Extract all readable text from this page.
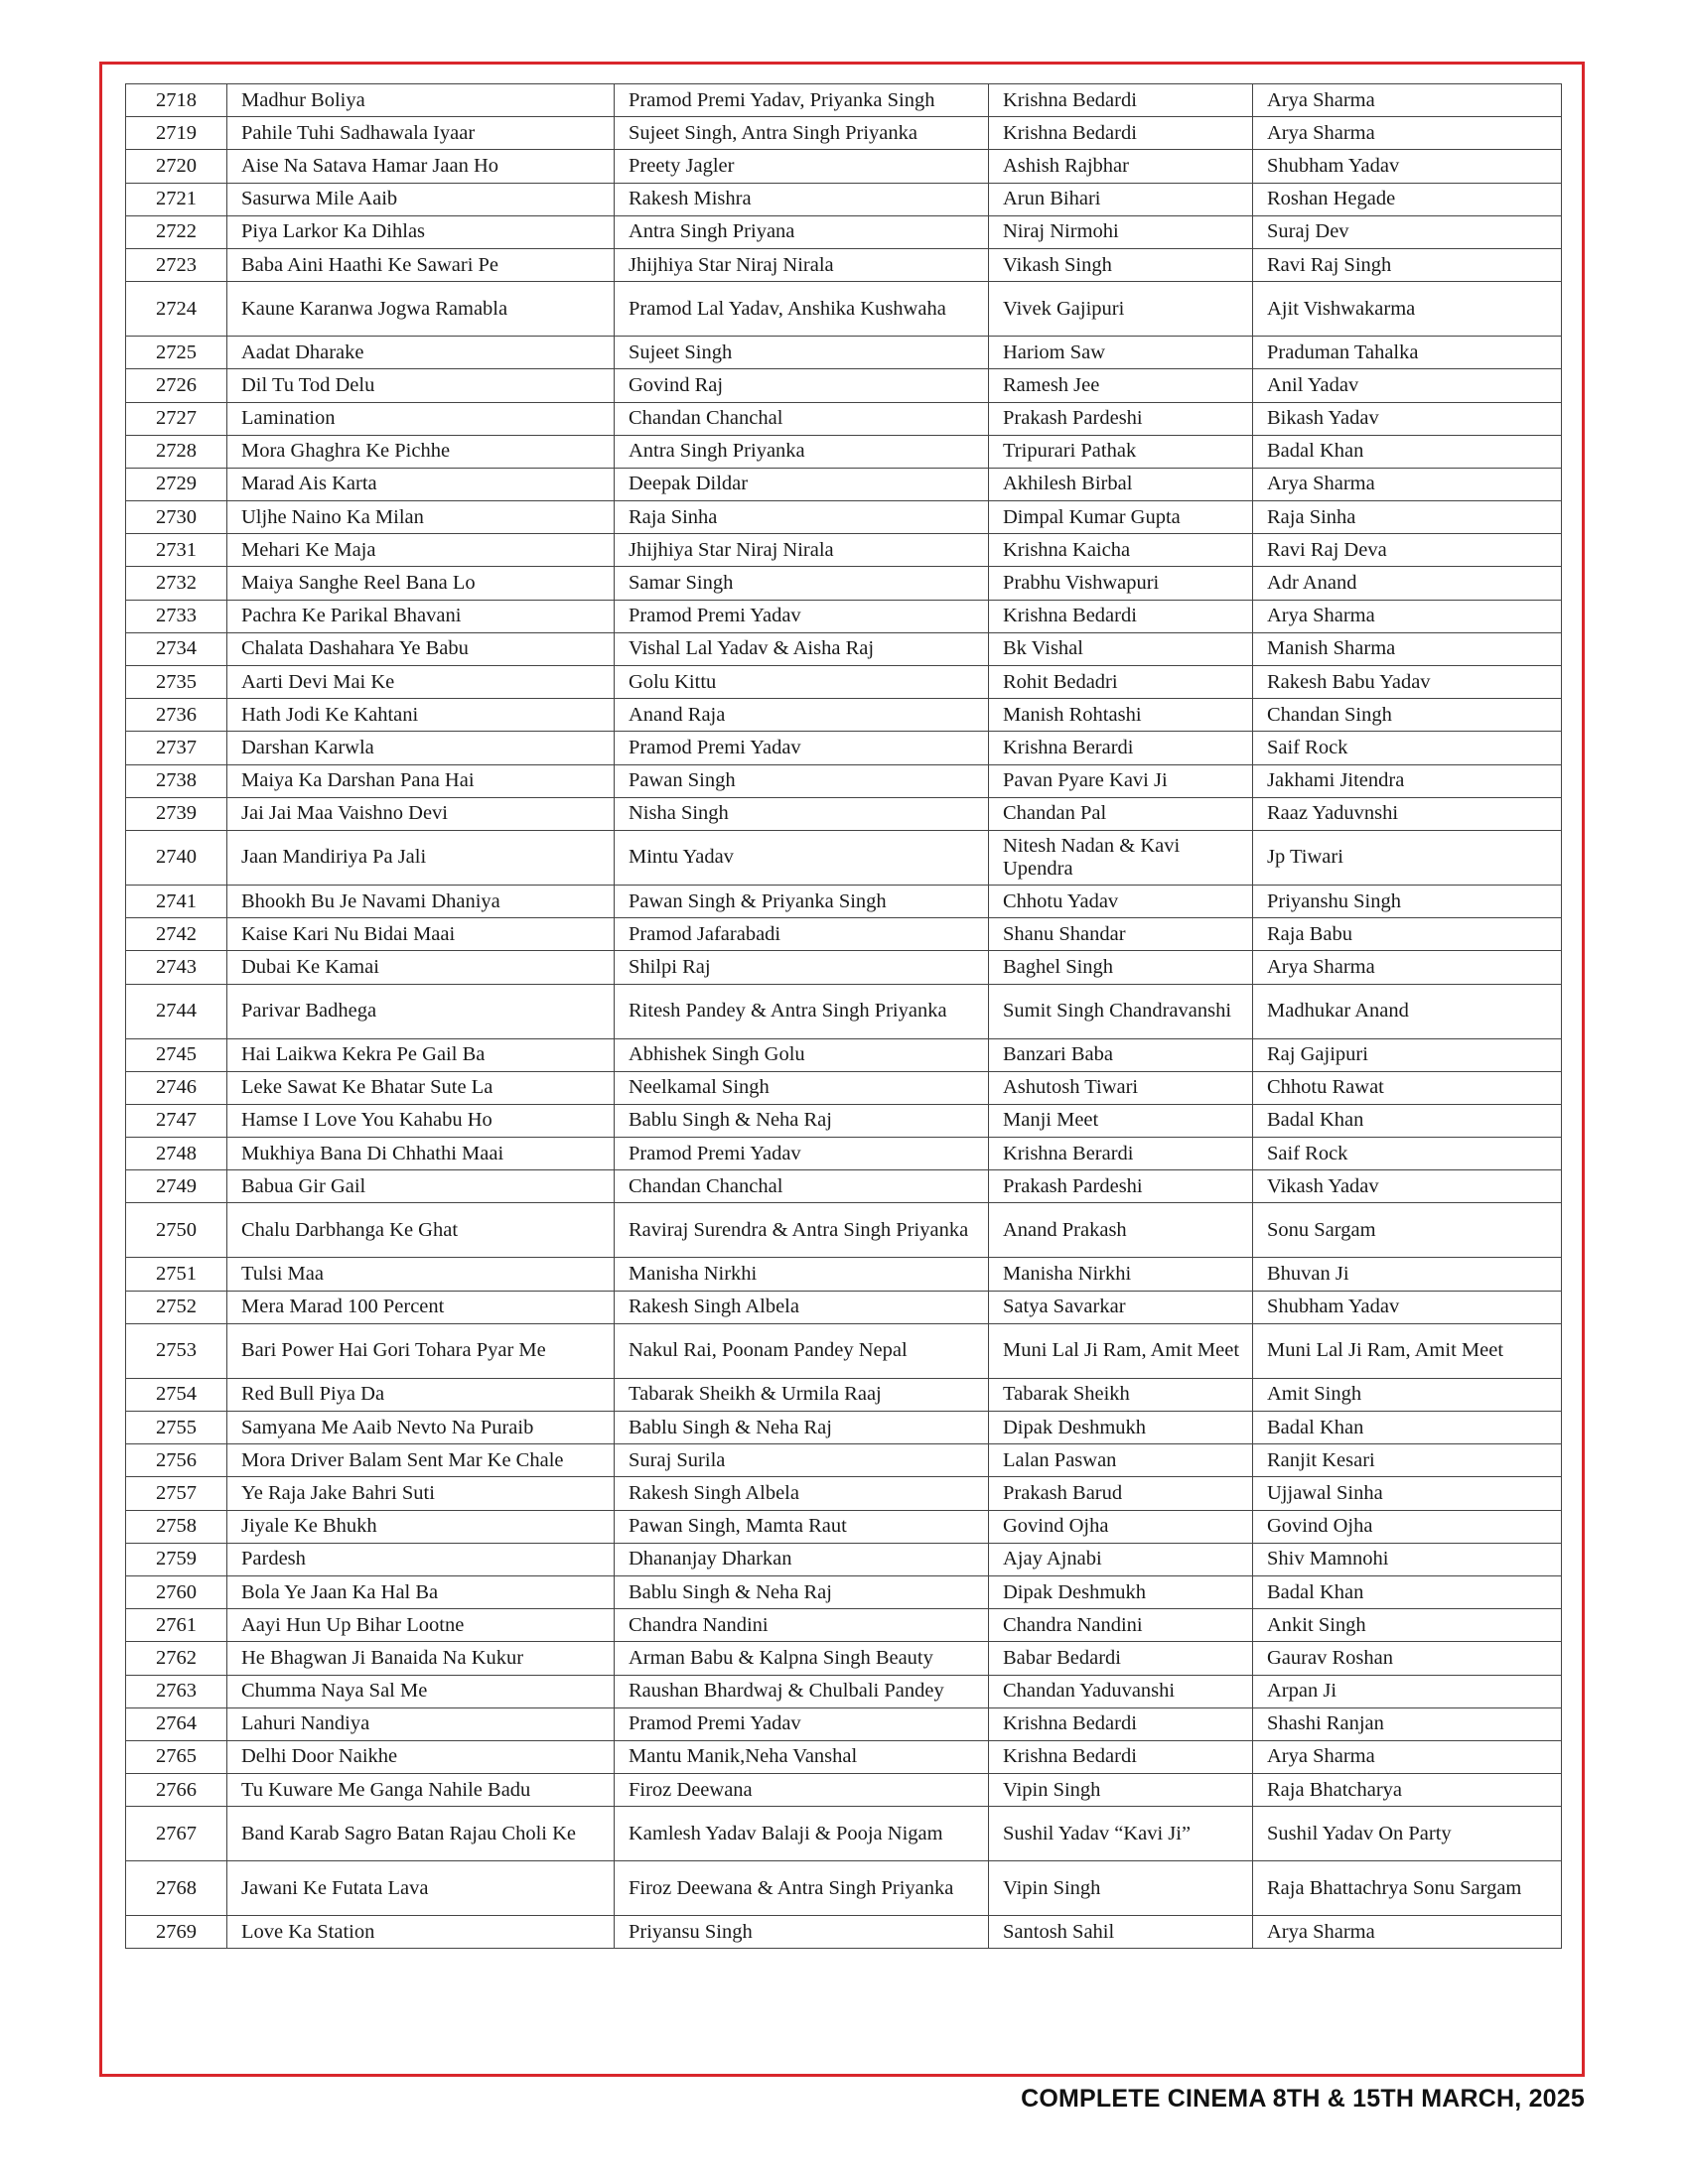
2718	Madhur Boliya	Pramod Premi Yadav, Priyanka Singh	Krishna Bedardi	Arya Sharma
2719	Pahile Tuhi Sadhawala Iyaar	Sujeet Singh, Antra Singh Priyanka	Krishna Bedardi	Arya Sharma
2720	Aise Na Satava Hamar Jaan Ho	Preety Jagler	Ashish Rajbhar	Shubham Yadav
2721	Sasurwa Mile Aaib	Rakesh Mishra	Arun Bihari	Roshan Hegade
2722	Piya Larkor Ka Dihlas	Antra Singh Priyana	Niraj Nirmohi	Suraj Dev
2723	Baba Aini Haathi Ke Sawari Pe	Jhijhiya Star Niraj Nirala	Vikash Singh	Ravi Raj Singh
2724	Kaune Karanwa Jogwa Ramabla	Pramod Lal Yadav, Anshika Kushwaha	Vivek Gajipuri	Ajit Vishwakarma
2725	Aadat Dharake	Sujeet Singh	Hariom Saw	Praduman Tahalka
2726	Dil Tu Tod Delu	Govind Raj	Ramesh Jee	Anil Yadav
2727	Lamination	Chandan Chanchal	Prakash Pardeshi	Bikash Yadav
2728	Mora Ghaghra Ke Pichhe	Antra Singh Priyanka	Tripurari Pathak	Badal Khan
2729	Marad Ais Karta	Deepak Dildar	Akhilesh Birbal	Arya Sharma
2730	Uljhe Naino Ka Milan	Raja Sinha	Dimpal Kumar Gupta	Raja Sinha
2731	Mehari Ke Maja	Jhijhiya Star Niraj Nirala	Krishna Kaicha	Ravi Raj Deva
2732	Maiya Sanghe Reel Bana Lo	Samar Singh	Prabhu Vishwapuri	Adr Anand
2733	Pachra Ke Parikal Bhavani	Pramod Premi Yadav	Krishna Bedardi	Arya Sharma
2734	Chalata Dashahara Ye Babu	Vishal Lal Yadav & Aisha Raj	Bk Vishal	Manish Sharma
2735	Aarti Devi Mai Ke	Golu Kittu	Rohit Bedadri	Rakesh Babu Yadav
2736	Hath Jodi Ke Kahtani	Anand Raja	Manish Rohtashi	Chandan Singh
2737	Darshan Karwla	Pramod Premi Yadav	Krishna Berardi	Saif Rock
2738	Maiya Ka Darshan Pana Hai	Pawan Singh	Pavan Pyare Kavi Ji	Jakhami Jitendra
2739	Jai Jai Maa Vaishno Devi	Nisha Singh	Chandan Pal	Raaz Yaduvnshi
2740	Jaan Mandiriya Pa Jali	Mintu Yadav	Nitesh Nadan & Kavi Upendra	Jp Tiwari
2741	Bhookh Bu Je Navami Dhaniya	Pawan Singh & Priyanka Singh	Chhotu Yadav	Priyanshu Singh
2742	Kaise Kari Nu Bidai Maai	Pramod Jafarabadi	Shanu Shandar	Raja Babu
2743	Dubai Ke Kamai	Shilpi Raj	Baghel Singh	Arya Sharma
2744	Parivar Badhega	Ritesh Pandey & Antra Singh Priyanka	Sumit Singh Chandravanshi	Madhukar Anand
2745	Hai Laikwa Kekra Pe Gail Ba	Abhishek Singh Golu	Banzari Baba	Raj Gajipuri
2746	Leke Sawat Ke Bhatar Sute La	Neelkamal Singh	Ashutosh Tiwari	Chhotu Rawat
2747	Hamse I Love You Kahabu Ho	Bablu Singh & Neha Raj	Manji Meet	Badal Khan
2748	Mukhiya Bana Di Chhathi Maai	Pramod Premi Yadav	Krishna Berardi	Saif Rock
2749	Babua Gir Gail	Chandan Chanchal	Prakash Pardeshi	Vikash Yadav
2750	Chalu Darbhanga Ke Ghat	Raviraj Surendra & Antra Singh Priyanka	Anand Prakash	Sonu Sargam
2751	Tulsi Maa	Manisha Nirkhi	Manisha Nirkhi	Bhuvan Ji
2752	Mera Marad 100 Percent	Rakesh Singh Albela	Satya Savarkar	Shubham Yadav
2753	Bari Power Hai Gori Tohara Pyar Me	Nakul Rai, Poonam Pandey Nepal	Muni Lal Ji Ram, Amit Meet	Muni Lal Ji Ram, Amit Meet
2754	Red Bull Piya Da	Tabarak Sheikh & Urmila Raaj	Tabarak Sheikh	Amit Singh
2755	Samyana Me Aaib Nevto Na Puraib	Bablu Singh & Neha Raj	Dipak Deshmukh	Badal Khan
2756	Mora Driver Balam Sent Mar Ke Chale	Suraj Surila	Lalan Paswan	Ranjit Kesari
2757	Ye Raja Jake Bahri Suti	Rakesh Singh Albela	Prakash Barud	Ujjawal Sinha
2758	Jiyale Ke Bhukh	Pawan Singh, Mamta Raut	Govind Ojha	Govind Ojha
2759	Pardesh	Dhananjay Dharkan	Ajay Ajnabi	Shiv Mamnohi
2760	Bola Ye Jaan Ka Hal Ba	Bablu Singh & Neha Raj	Dipak Deshmukh	Badal Khan
2761	Aayi Hun Up Bihar Lootne	Chandra Nandini	Chandra Nandini	Ankit Singh
2762	He Bhagwan Ji Banaida Na Kukur	Arman Babu & Kalpna Singh Beauty	Babar Bedardi	Gaurav Roshan
2763	Chumma Naya Sal Me	Raushan Bhardwaj & Chulbali Pandey	Chandan Yaduvanshi	Arpan Ji
2764	Lahuri Nandiya	Pramod Premi Yadav	Krishna Bedardi	Shashi Ranjan
2765	Delhi Door Naikhe	Mantu Manik,Neha Vanshal	Krishna Bedardi	Arya Sharma
2766	Tu Kuware Me Ganga Nahile Badu	Firoz Deewana	Vipin Singh	Raja Bhatcharya
2767	Band Karab Sagro Batan Rajau Choli Ke	Kamlesh Yadav Balaji & Pooja Nigam	Sushil Yadav “Kavi Ji”	Sushil Yadav On Party
2768	Jawani Ke Futata Lava	Firoz Deewana & Antra Singh Priyanka	Vipin Singh	Raja Bhattachrya Sonu Sargam
2769	Love Ka Station	Priyansu Singh	Santosh Sahil	Arya Sharma
COMPLETE CINEMA 8TH & 15TH MARCH, 2025
